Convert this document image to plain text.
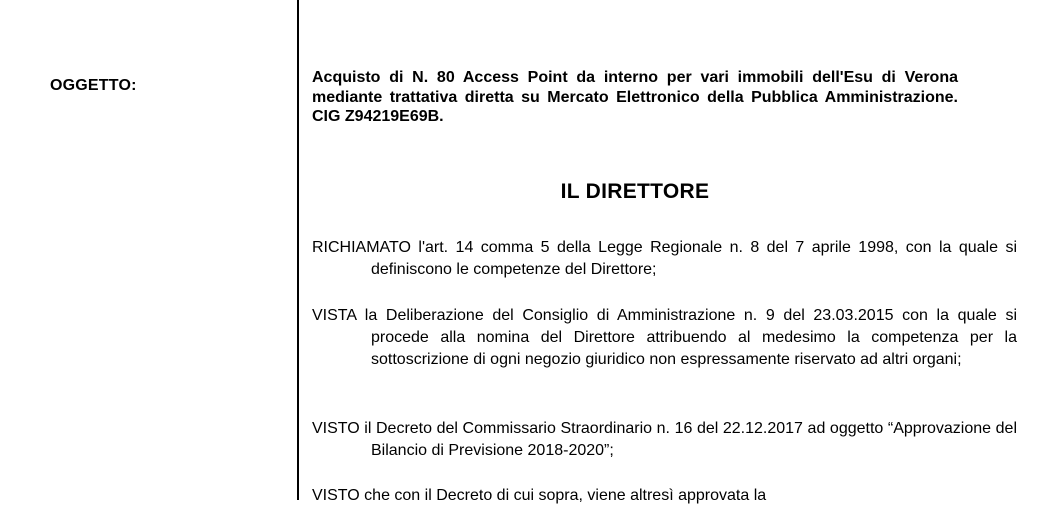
OGGETTO:	Acquisto di N. 80 Access Point da interno per vari immobili dell'Esu di Verona mediante trattativa diretta su Mercato Elettronico della Pubblica Amministrazione. CIG Z94219E69B.
IL DIRETTORE
RICHIAMATO l'art. 14 comma 5 della Legge Regionale n. 8 del 7 aprile 1998, con la quale si definiscono le competenze del Direttore;
VISTA la Deliberazione del Consiglio di Amministrazione n. 9 del 23.03.2015 con la quale si procede alla nomina del Direttore attribuendo al medesimo la competenza per la sottoscrizione di ogni negozio giuridico non espressamente riservato ad altri organi;
VISTO il Decreto del Commissario Straordinario n. 16 del 22.12.2017 ad oggetto “Approvazione del Bilancio di Previsione 2018-2020”;
VISTO che con il Decreto di cui sopra, viene altresì approvata la
